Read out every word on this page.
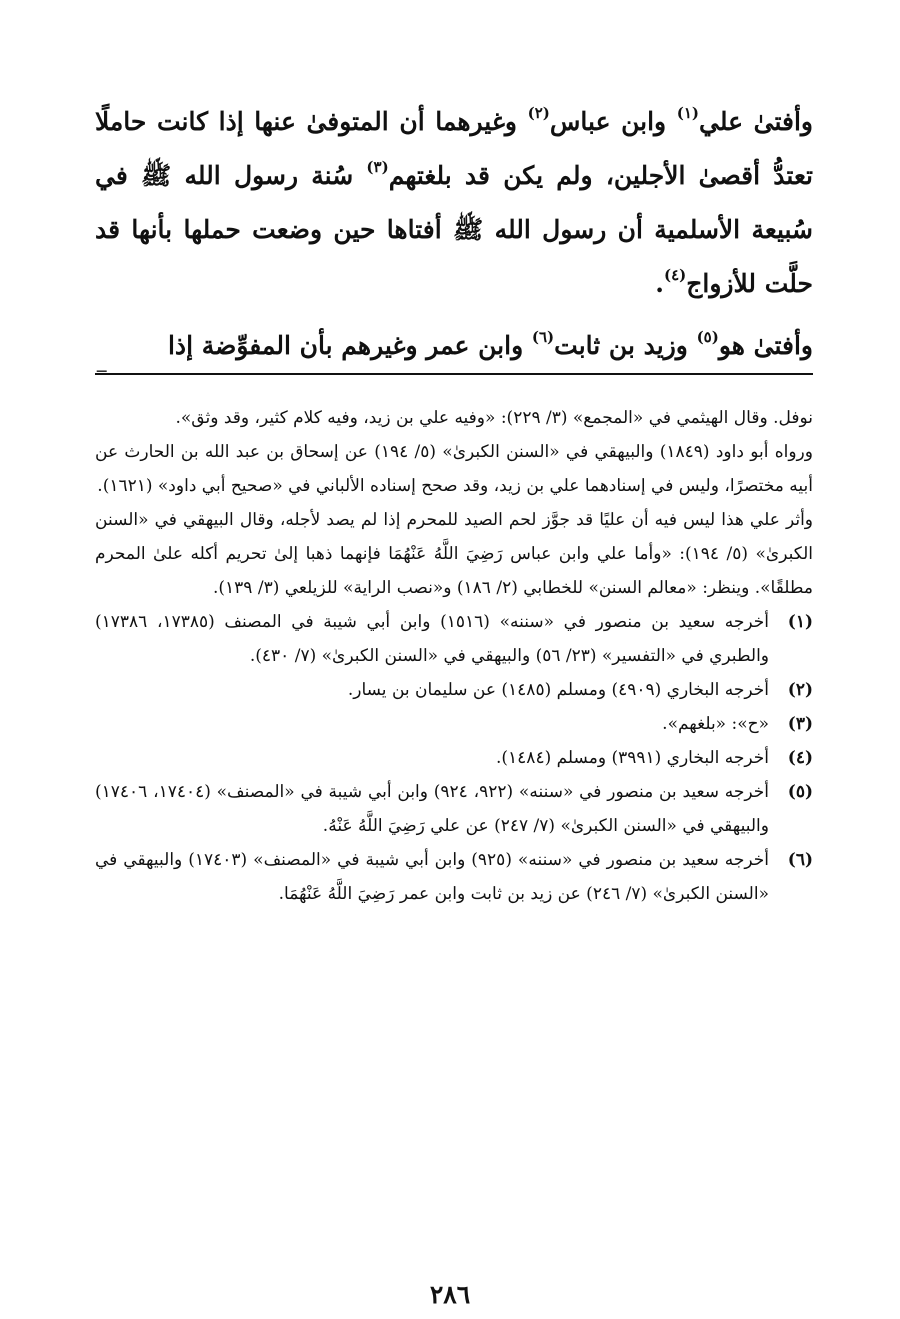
وأفتىٰ علي$^{(١)}$ وابن عباس$^{(٢)}$ وغيرهما أن المتوفىٰ عنها إذا كانت حاملًا تعتدُّ أقصىٰ الأجلين، ولم يكن قد بلغتهم$^{(٣)}$ سُنة رسول الله ﷺ في سُبيعة الأسلمية أن رسول الله ﷺ أفتاها حين وضعت حملها بأنها قد حلَّت للأزواج$^{(٤)}$.

وأفتىٰ هو$^{(٥)}$ وزيد بن ثابت$^{(٦)}$ وابن عمر وغيرهم بأن المفوِّضة إذا

=

نوفل. وقال الهيثمي في «المجمع» (٣/ ٢٢٩): «وفيه علي بن زيد، وفيه كلام كثير، وقد وثق».

ورواه أبو داود (١٨٤٩) والبيهقي في «السنن الكبرىٰ» (٥/ ١٩٤) عن إسحاق بن عبد الله بن الحارث عن أبيه مختصرًا، وليس في إسنادهما علي بن زيد، وقد صحح إسناده الألباني في «صحيح أبي داود» (١٦٢١).

وأثر علي هذا ليس فيه أن عليًا قد جوَّز لحم الصيد للمحرم إذا لم يصد لأجله، وقال البيهقي في «السنن الكبرىٰ» (٥/ ١٩٤): «وأما علي وابن عباس رَضِيَ اللَّهُ عَنْهُمَا فإنهما ذهبا إلىٰ تحريم أكله علىٰ المحرم مطلقًا». وينظر: «معالم السنن» للخطابي (٢/ ١٨٦) و«نصب الراية» للزيلعي (٣/ ١٣٩).

(١)
أخرجه سعيد بن منصور في «سننه» (١٥١٦) وابن أبي شيبة في المصنف (١٧٣٨٥، ١٧٣٨٦) والطبري في «التفسير» (٢٣/ ٥٦) والبيهقي في «السنن الكبرىٰ» (٧/ ٤٣٠).
(٢)
أخرجه البخاري (٤٩٠٩) ومسلم (١٤٨٥) عن سليمان بن يسار.
(٣)
«ح»: «بلغهم».
(٤)
أخرجه البخاري (٣٩٩١) ومسلم (١٤٨٤).
(٥)
أخرجه سعيد بن منصور في «سننه» (٩٢٢، ٩٢٤) وابن أبي شيبة في «المصنف» (١٧٤٠٤، ١٧٤٠٦) والبيهقي في «السنن الكبرىٰ» (٧/ ٢٤٧) عن علي رَضِيَ اللَّهُ عَنْهُ.
(٦)
أخرجه سعيد بن منصور في «سننه» (٩٢٥) وابن أبي شيبة في «المصنف» (١٧٤٠٣) والبيهقي في «السنن الكبرىٰ» (٧/ ٢٤٦) عن زيد بن ثابت وابن عمر رَضِيَ اللَّهُ عَنْهُمَا.
٢٨٦
